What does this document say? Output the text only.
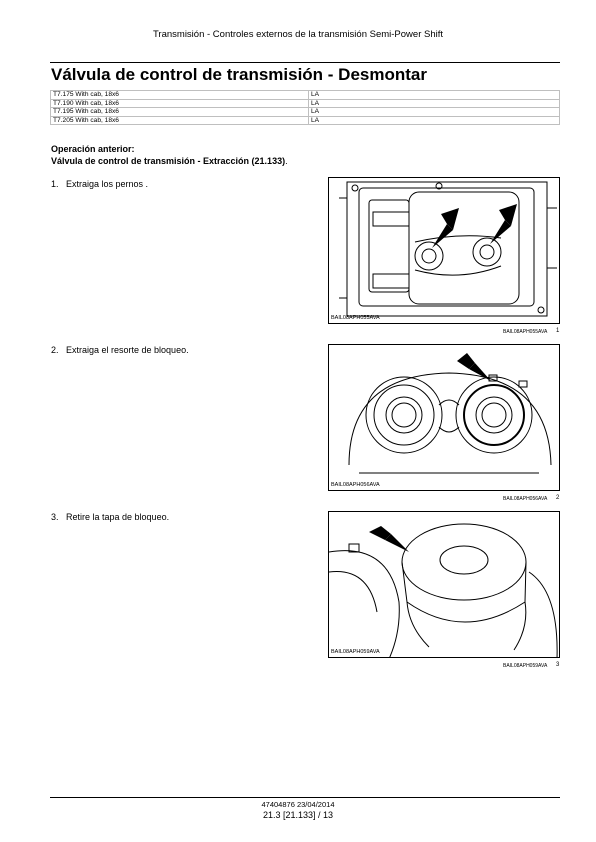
Transmisión - Controles externos de la transmisión Semi-Power Shift
Válvula de control de transmisión - Desmontar
T7.175 With cab, 18x6	LA
T7.190 With cab, 18x6	LA
T7.195 With cab, 18x6	LA
T7.205 With cab, 18x6	LA
Operación anterior:
Válvula de control de transmisión - Extracción (21.133).
1. Extraiga los pernos .
BAIL08APH055AVA
BAIL08APH055AVA 1
2. Extraiga el resorte de bloqueo.
BAIL08APH056AVA
BAIL08APH056AVA 2
3. Retire la tapa de bloqueo.
BAIL08APH059AVA
BAIL08APH059AVA 3
47404876 23/04/2014
21.3 [21.133] / 13
